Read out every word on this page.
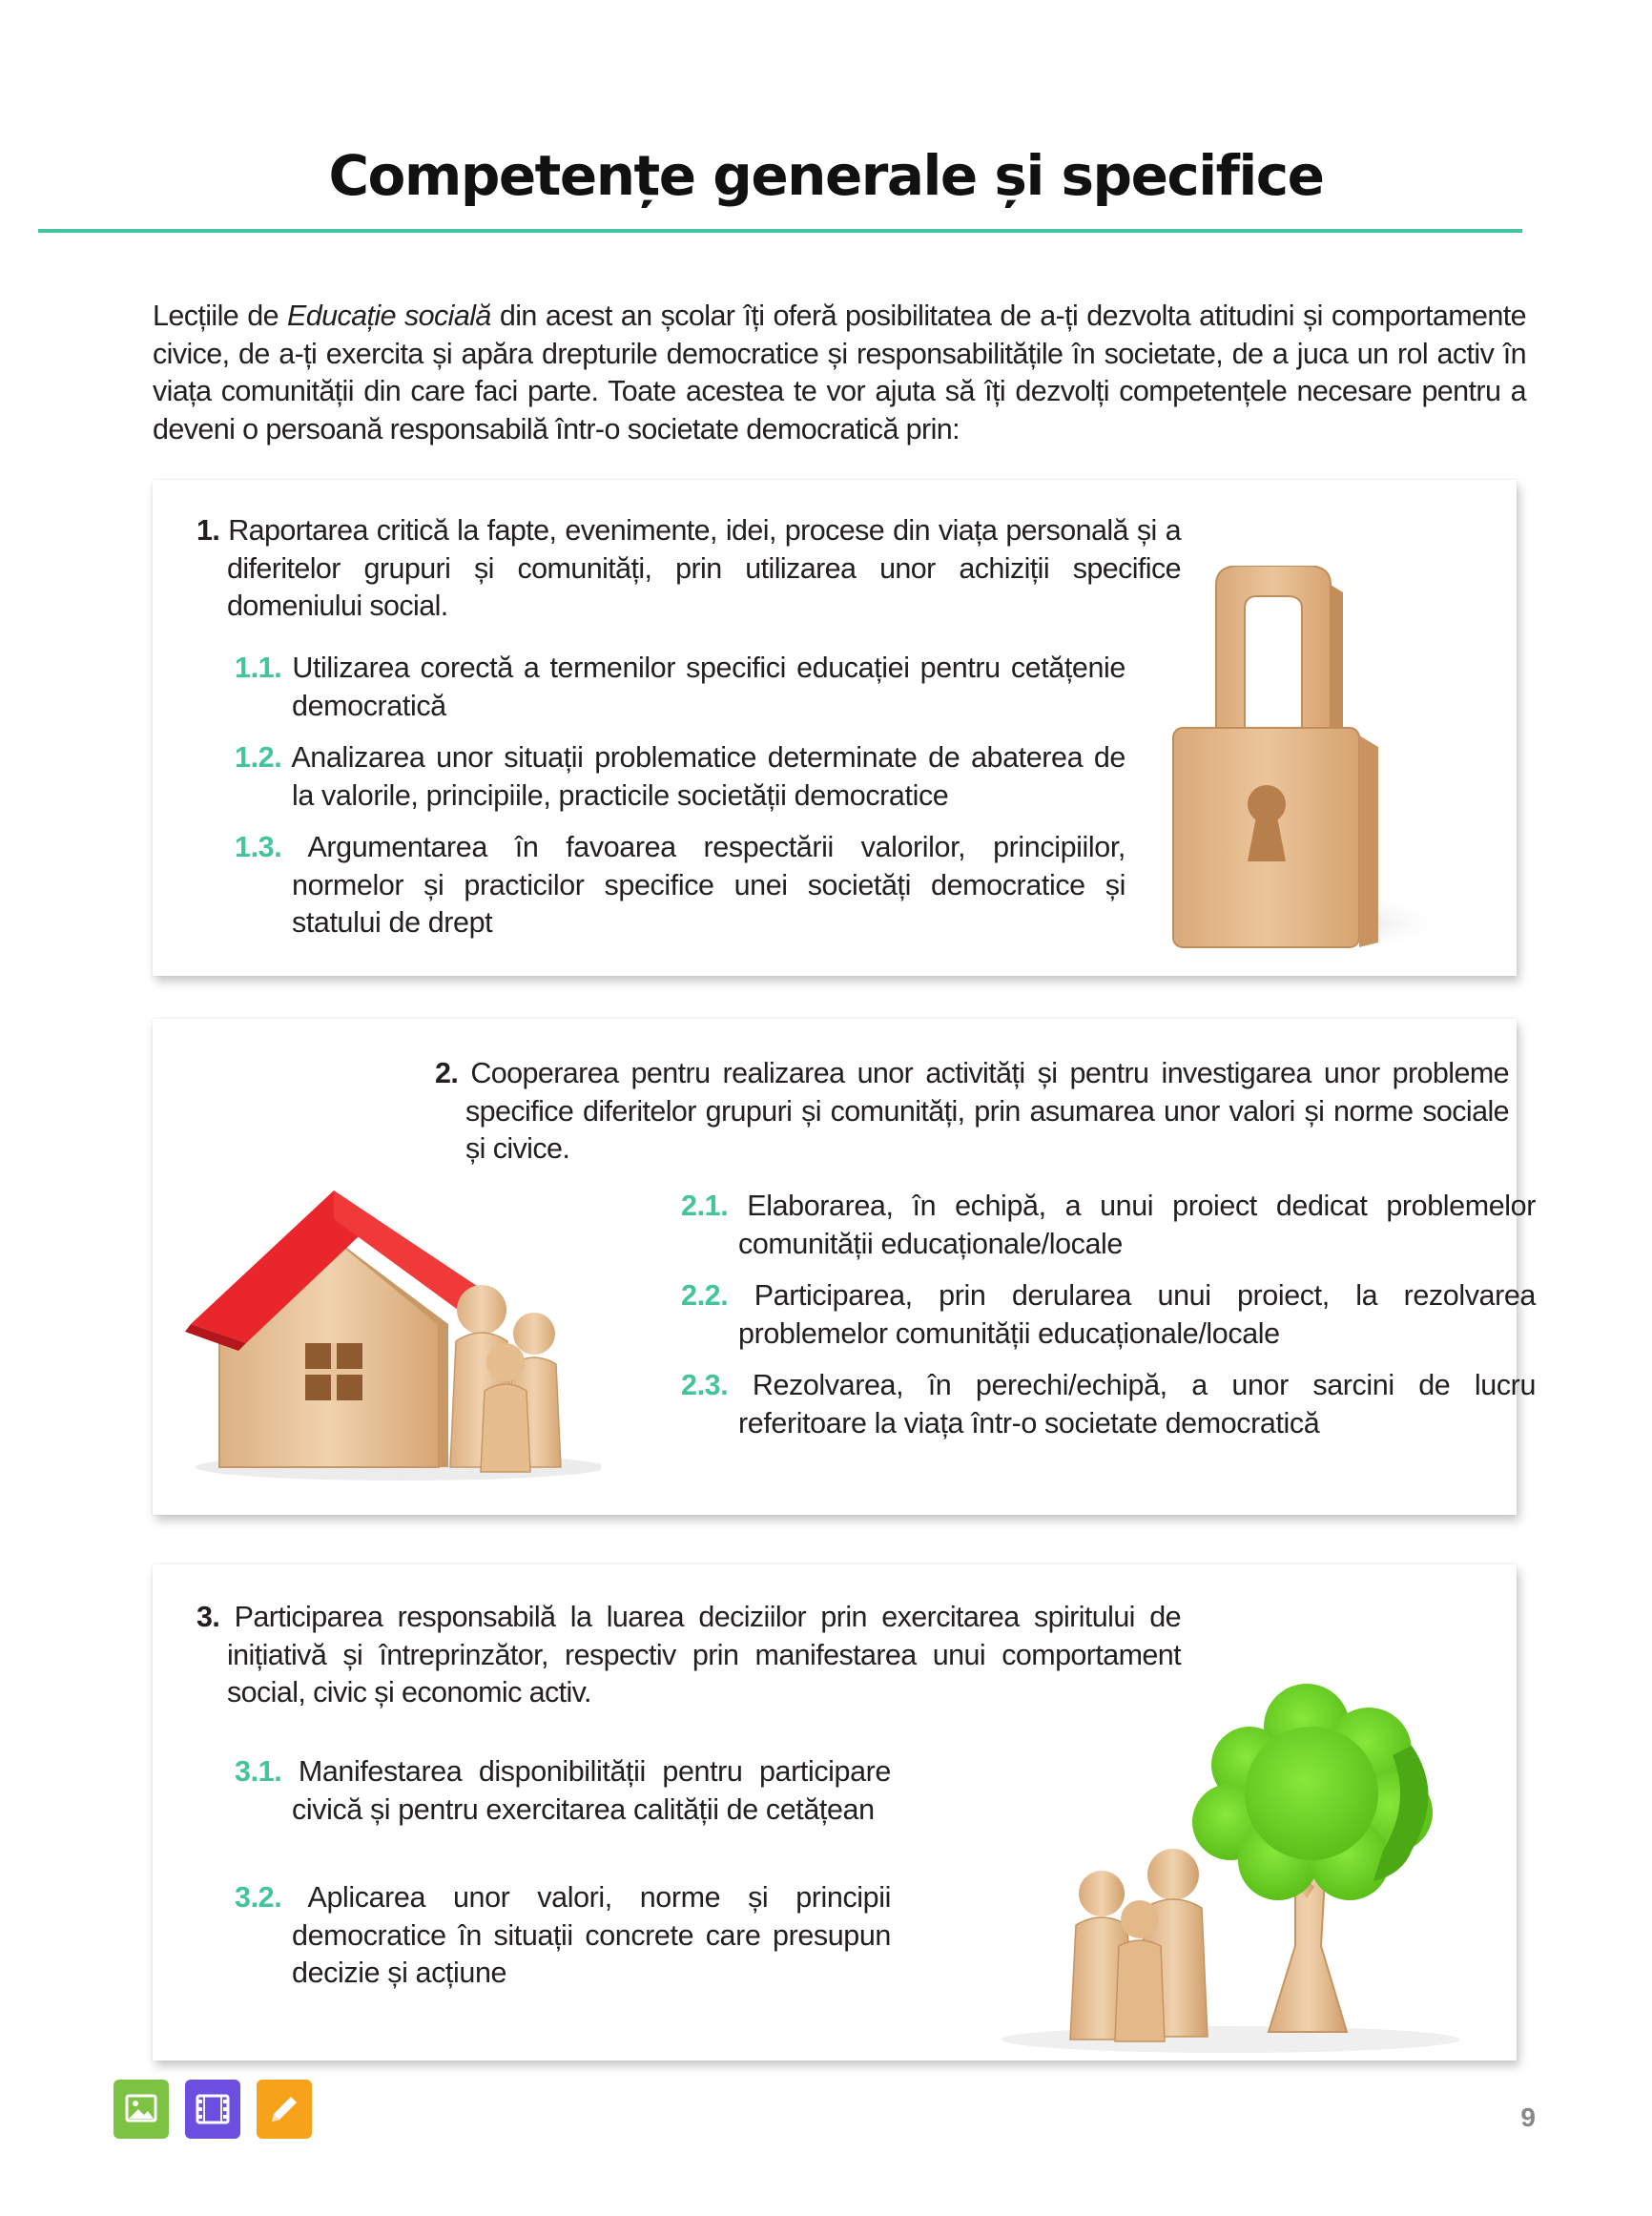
Competențe generale și specifice

Lecțiile de Educație socială din acest an școlar îți oferă posibilitatea de a-ți dezvolta atitudini și comportamente civice, de a-ți exercita și apăra drepturile democratice și responsabilitățile în societate, de a juca un rol activ în viața comunității din care faci parte. Toate acestea te vor ajuta să îți dezvolți competențele necesare pentru a deveni o persoană responsabilă într-o societate democratică prin:

1. Raportarea critică la fapte, evenimente, idei, procese din viața personală și a diferitelor grupuri și comunități, prin utilizarea unor achiziții specifice domeniului social.

1.1. Utilizarea corectă a termenilor specifici educației pentru cetățenie democratică

1.2. Analizarea unor situații problematice determinate de abaterea de la valorile, principiile, practicile societății democratice

1.3. Argumentarea în favoarea respectării valorilor, principiilor, normelor și practicilor specifice unei societăți democratice și statului de drept

2. Cooperarea pentru realizarea unor activități și pentru investigarea unor probleme specifice diferitelor grupuri și comunități, prin asumarea unor valori și norme sociale și civice.

2.1. Elaborarea, în echipă, a unui proiect dedicat problemelor comunității educaționale/locale

2.2. Participarea, prin derularea unui proiect, la rezolvarea problemelor comunității educaționale/locale

2.3. Rezolvarea, în perechi/echipă, a unor sarcini de lucru referitoare la viața într-o societate democratică

3. Participarea responsabilă la luarea deciziilor prin exercitarea spiritului de inițiativă și întreprinzător, respectiv prin manifestarea unui comportament social, civic și economic activ.

3.1. Manifestarea disponibilității pentru participare civică și pentru exercitarea calității de cetățean

3.2. Aplicarea unor valori, norme și principii democratice în situații concrete care presupun decizie și acțiune

9
